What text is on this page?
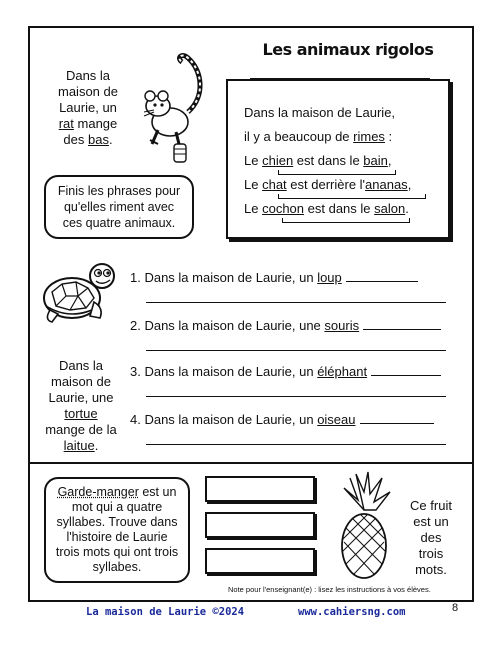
Les animaux rigolos
Dans la
maison de
Laurie, un
rat mange
des bas.
Finis les phrases pour qu'elles riment avec ces quatre animaux.
Dans la maison de Laurie,
il y a beaucoup de rimes :
Le chien est dans le bain,
Le chat est derrière l'ananas,
Le cochon est dans le salon.
1. Dans la maison de Laurie, un loup
2. Dans la maison de Laurie, une souris
3. Dans la maison de Laurie, un éléphant
4. Dans la maison de Laurie, un oiseau
Dans la
maison de
Laurie, une
tortue
mange de la
laitue.
Garde-manger est un mot qui a quatre syllabes. Trouve dans l'histoire de Laurie trois mots qui ont trois syllabes.
Ce fruit
est un
des
trois
mots.
Note pour l'enseignant(e) : lisez les instructions à vos élèves.
La maison de Laurie ©2024	www.cahiersng.com	8
